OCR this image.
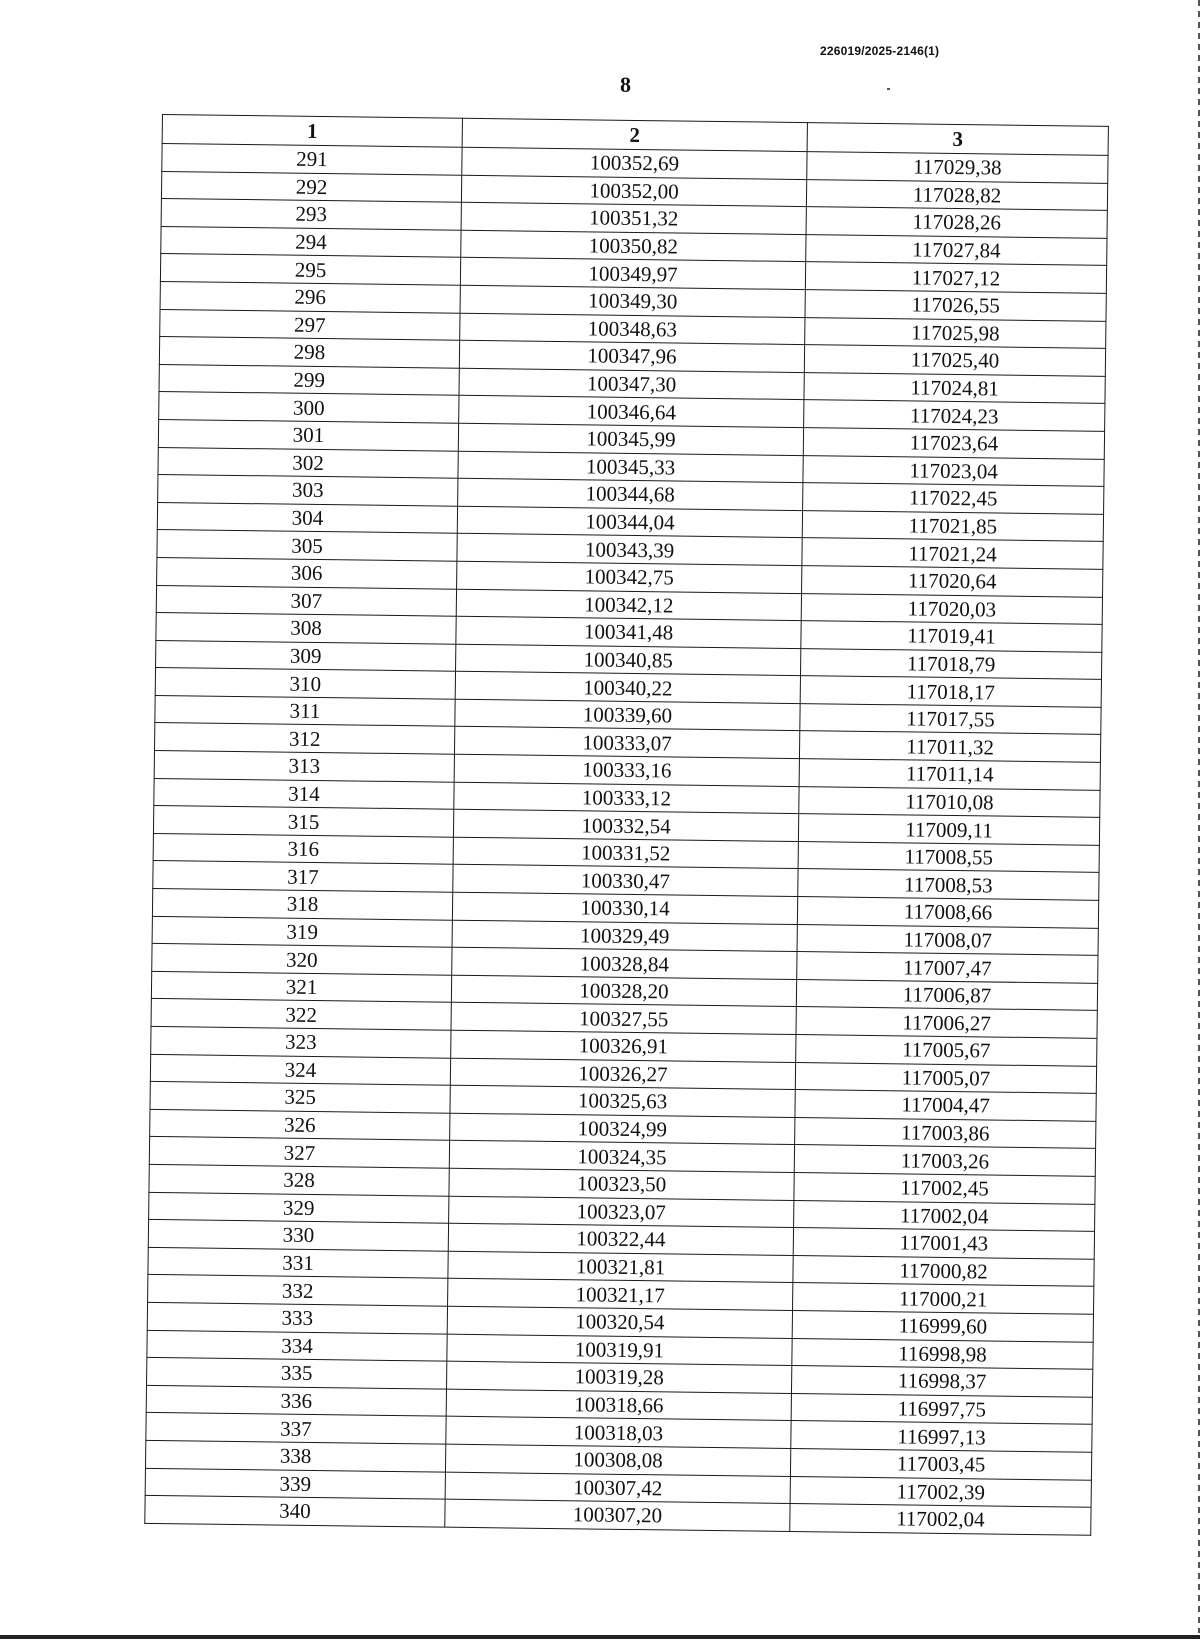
226019/2025-2146(1)
8
1	2	3
291	100352,69	117029,38
292	100352,00	117028,82
293	100351,32	117028,26
294	100350,82	117027,84
295	100349,97	117027,12
296	100349,30	117026,55
297	100348,63	117025,98
298	100347,96	117025,40
299	100347,30	117024,81
300	100346,64	117024,23
301	100345,99	117023,64
302	100345,33	117023,04
303	100344,68	117022,45
304	100344,04	117021,85
305	100343,39	117021,24
306	100342,75	117020,64
307	100342,12	117020,03
308	100341,48	117019,41
309	100340,85	117018,79
310	100340,22	117018,17
311	100339,60	117017,55
312	100333,07	117011,32
313	100333,16	117011,14
314	100333,12	117010,08
315	100332,54	117009,11
316	100331,52	117008,55
317	100330,47	117008,53
318	100330,14	117008,66
319	100329,49	117008,07
320	100328,84	117007,47
321	100328,20	117006,87
322	100327,55	117006,27
323	100326,91	117005,67
324	100326,27	117005,07
325	100325,63	117004,47
326	100324,99	117003,86
327	100324,35	117003,26
328	100323,50	117002,45
329	100323,07	117002,04
330	100322,44	117001,43
331	100321,81	117000,82
332	100321,17	117000,21
333	100320,54	116999,60
334	100319,91	116998,98
335	100319,28	116998,37
336	100318,66	116997,75
337	100318,03	116997,13
338	100308,08	117003,45
339	100307,42	117002,39
340	100307,20	117002,04
